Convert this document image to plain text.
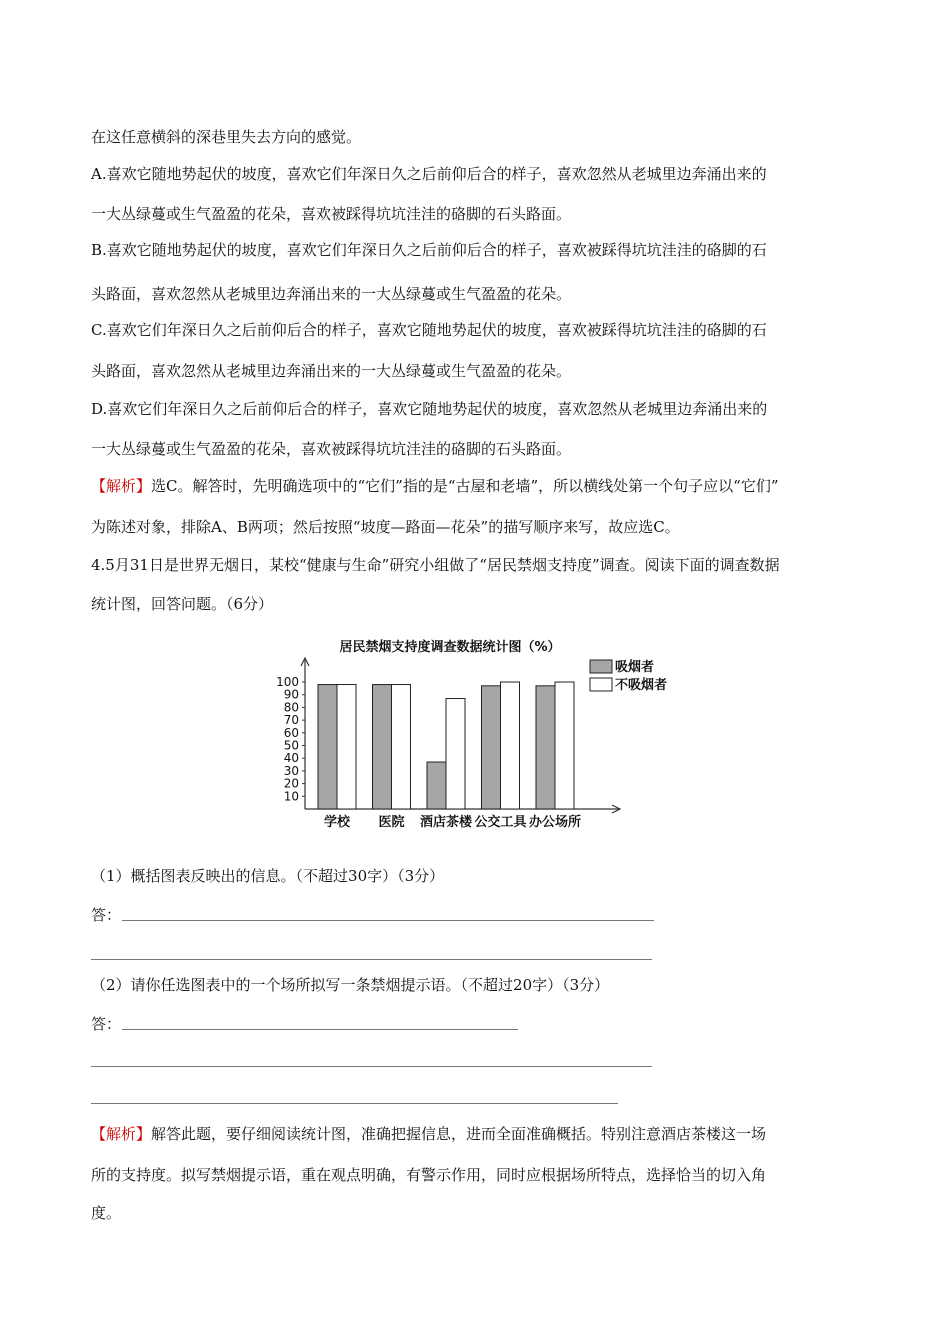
在这任意横斜的深巷里失去方向的感觉。
A.喜欢它随地势起伏的坡度，喜欢它们年深日久之后前仰后合的样子，喜欢忽然从老城里边奔涌出来的
一大丛绿蔓或生气盈盈的花朵，喜欢被踩得坑坑洼洼的硌脚的石头路面。
B.喜欢它随地势起伏的坡度，喜欢它们年深日久之后前仰后合的样子，喜欢被踩得坑坑洼洼的硌脚的石
头路面，喜欢忽然从老城里边奔涌出来的一大丛绿蔓或生气盈盈的花朵。
C.喜欢它们年深日久之后前仰后合的样子，喜欢它随地势起伏的坡度，喜欢被踩得坑坑洼洼的硌脚的石
头路面，喜欢忽然从老城里边奔涌出来的一大丛绿蔓或生气盈盈的花朵。
D.喜欢它们年深日久之后前仰后合的样子，喜欢它随地势起伏的坡度，喜欢忽然从老城里边奔涌出来的
一大丛绿蔓或生气盈盈的花朵，喜欢被踩得坑坑洼洼的硌脚的石头路面。
【解析】选C。解答时，先明确选项中的“它们”指的是“古屋和老墙”，所以横线处第一个句子应以“它们”
为陈述对象，排除A、B两项；然后按照“坡度—路面—花朵”的描写顺序来写，故应选C。
4.5月31日是世界无烟日，某校“健康与生命”研究小组做了“居民禁烟支持度”调查。阅读下面的调查数据
统计图，回答问题。（6分）
居民禁烟支持度调查数据统计图（%）
10
20
30
40
50
60
70
80
90
100
学校 医院 酒店茶楼 公交工具 办公场所
吸烟者
不吸烟者
（1）概括图表反映出的信息。（不超过30字）（3分）
答：
（2）请你任选图表中的一个场所拟写一条禁烟提示语。（不超过20字）（3分）
答：
【解析】解答此题，要仔细阅读统计图，准确把握信息，进而全面准确概括。特别注意酒店茶楼这一场
所的支持度。拟写禁烟提示语，重在观点明确，有警示作用，同时应根据场所特点，选择恰当的切入角
度。
